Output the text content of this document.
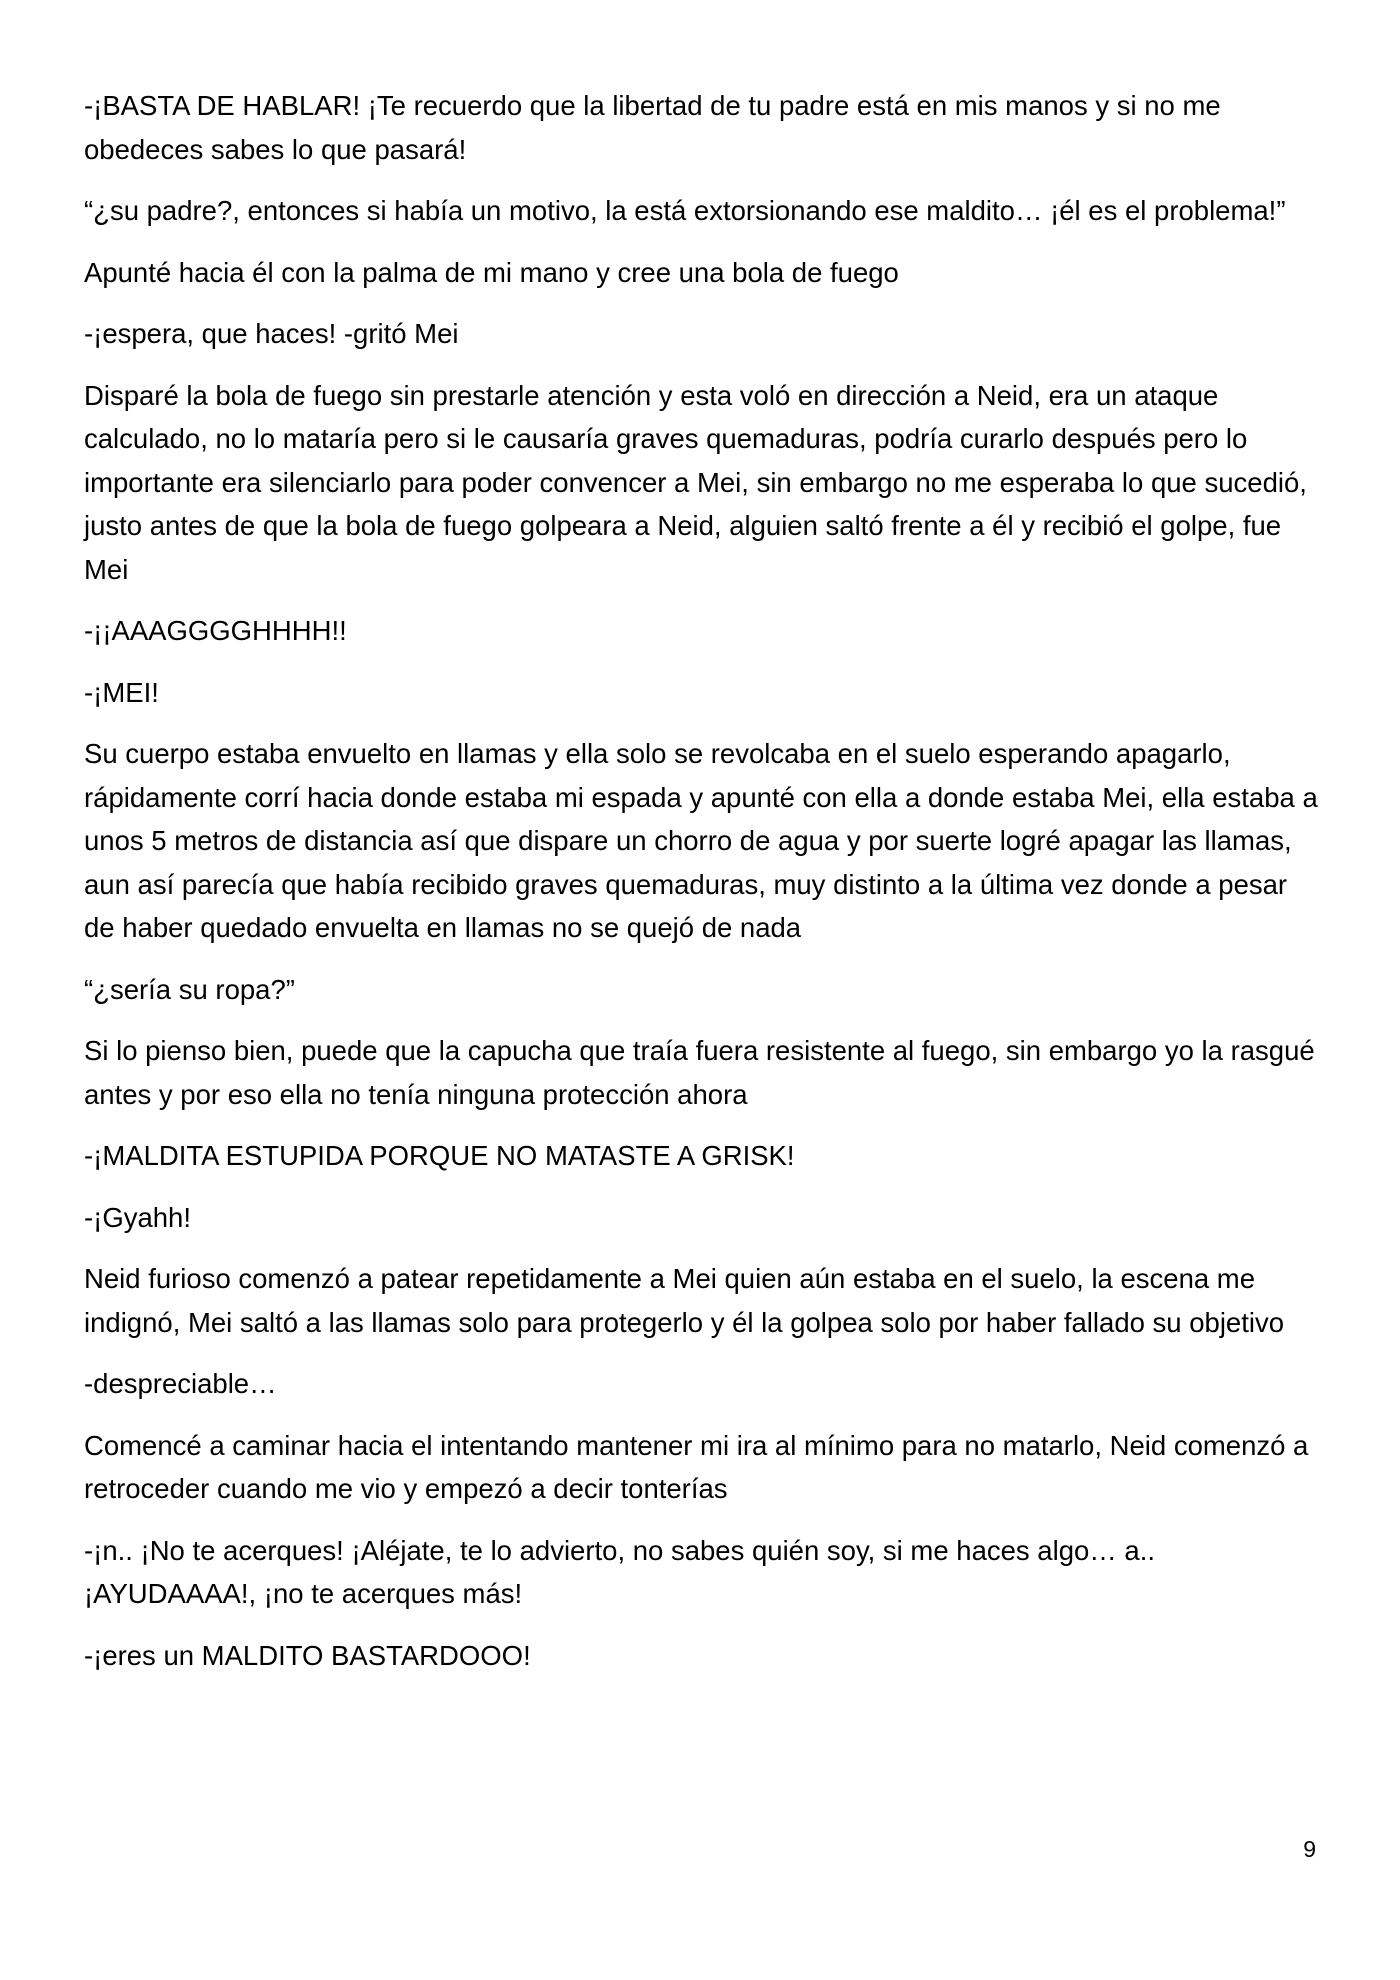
-¡BASTA DE HABLAR! ¡Te recuerdo que la libertad de tu padre está en mis manos y si no me obedeces sabes lo que pasará!

“¿su padre?, entonces si había un motivo, la está extorsionando ese maldito… ¡él es el problema!”

Apunté hacia él con la palma de mi mano y cree una bola de fuego

-¡espera, que haces! -gritó Mei

Disparé la bola de fuego sin prestarle atención y esta voló en dirección a Neid, era un ataque calculado, no lo mataría pero si le causaría graves quemaduras, podría curarlo después pero lo importante era silenciarlo para poder convencer a Mei, sin embargo no me esperaba lo que sucedió, justo antes de que la bola de fuego golpeara a Neid, alguien saltó frente a él y recibió el golpe, fue Mei

-¡¡AAAGGGGHHHH!!

-¡MEI!

Su cuerpo estaba envuelto en llamas y ella solo se revolcaba en el suelo esperando apagarlo, rápidamente corrí hacia donde estaba mi espada y apunté con ella a donde estaba Mei, ella estaba a unos 5 metros de distancia así que dispare un chorro de agua y por suerte logré apagar las llamas, aun así parecía que había recibido graves quemaduras, muy distinto a la última vez donde a pesar de haber quedado envuelta en llamas no se quejó de nada

“¿sería su ropa?”

Si lo pienso bien, puede que la capucha que traía fuera resistente al fuego, sin embargo yo la rasgué antes y por eso ella no tenía ninguna protección ahora

-¡MALDITA ESTUPIDA PORQUE NO MATASTE A GRISK!

-¡Gyahh!

Neid furioso comenzó a patear repetidamente a Mei quien aún estaba en el suelo, la escena me indignó, Mei saltó a las llamas solo para protegerlo y él la golpea solo por haber fallado su objetivo

-despreciable…

Comencé a caminar hacia el intentando mantener mi ira al mínimo para no matarlo, Neid comenzó a retroceder cuando me vio y empezó a decir tonterías

-¡n.. ¡No te acerques! ¡Aléjate, te lo advierto, no sabes quién soy, si me haces algo… a.. ¡AYUDAAAA!, ¡no te acerques más!

-¡eres un MALDITO BASTARDOOO!

9
